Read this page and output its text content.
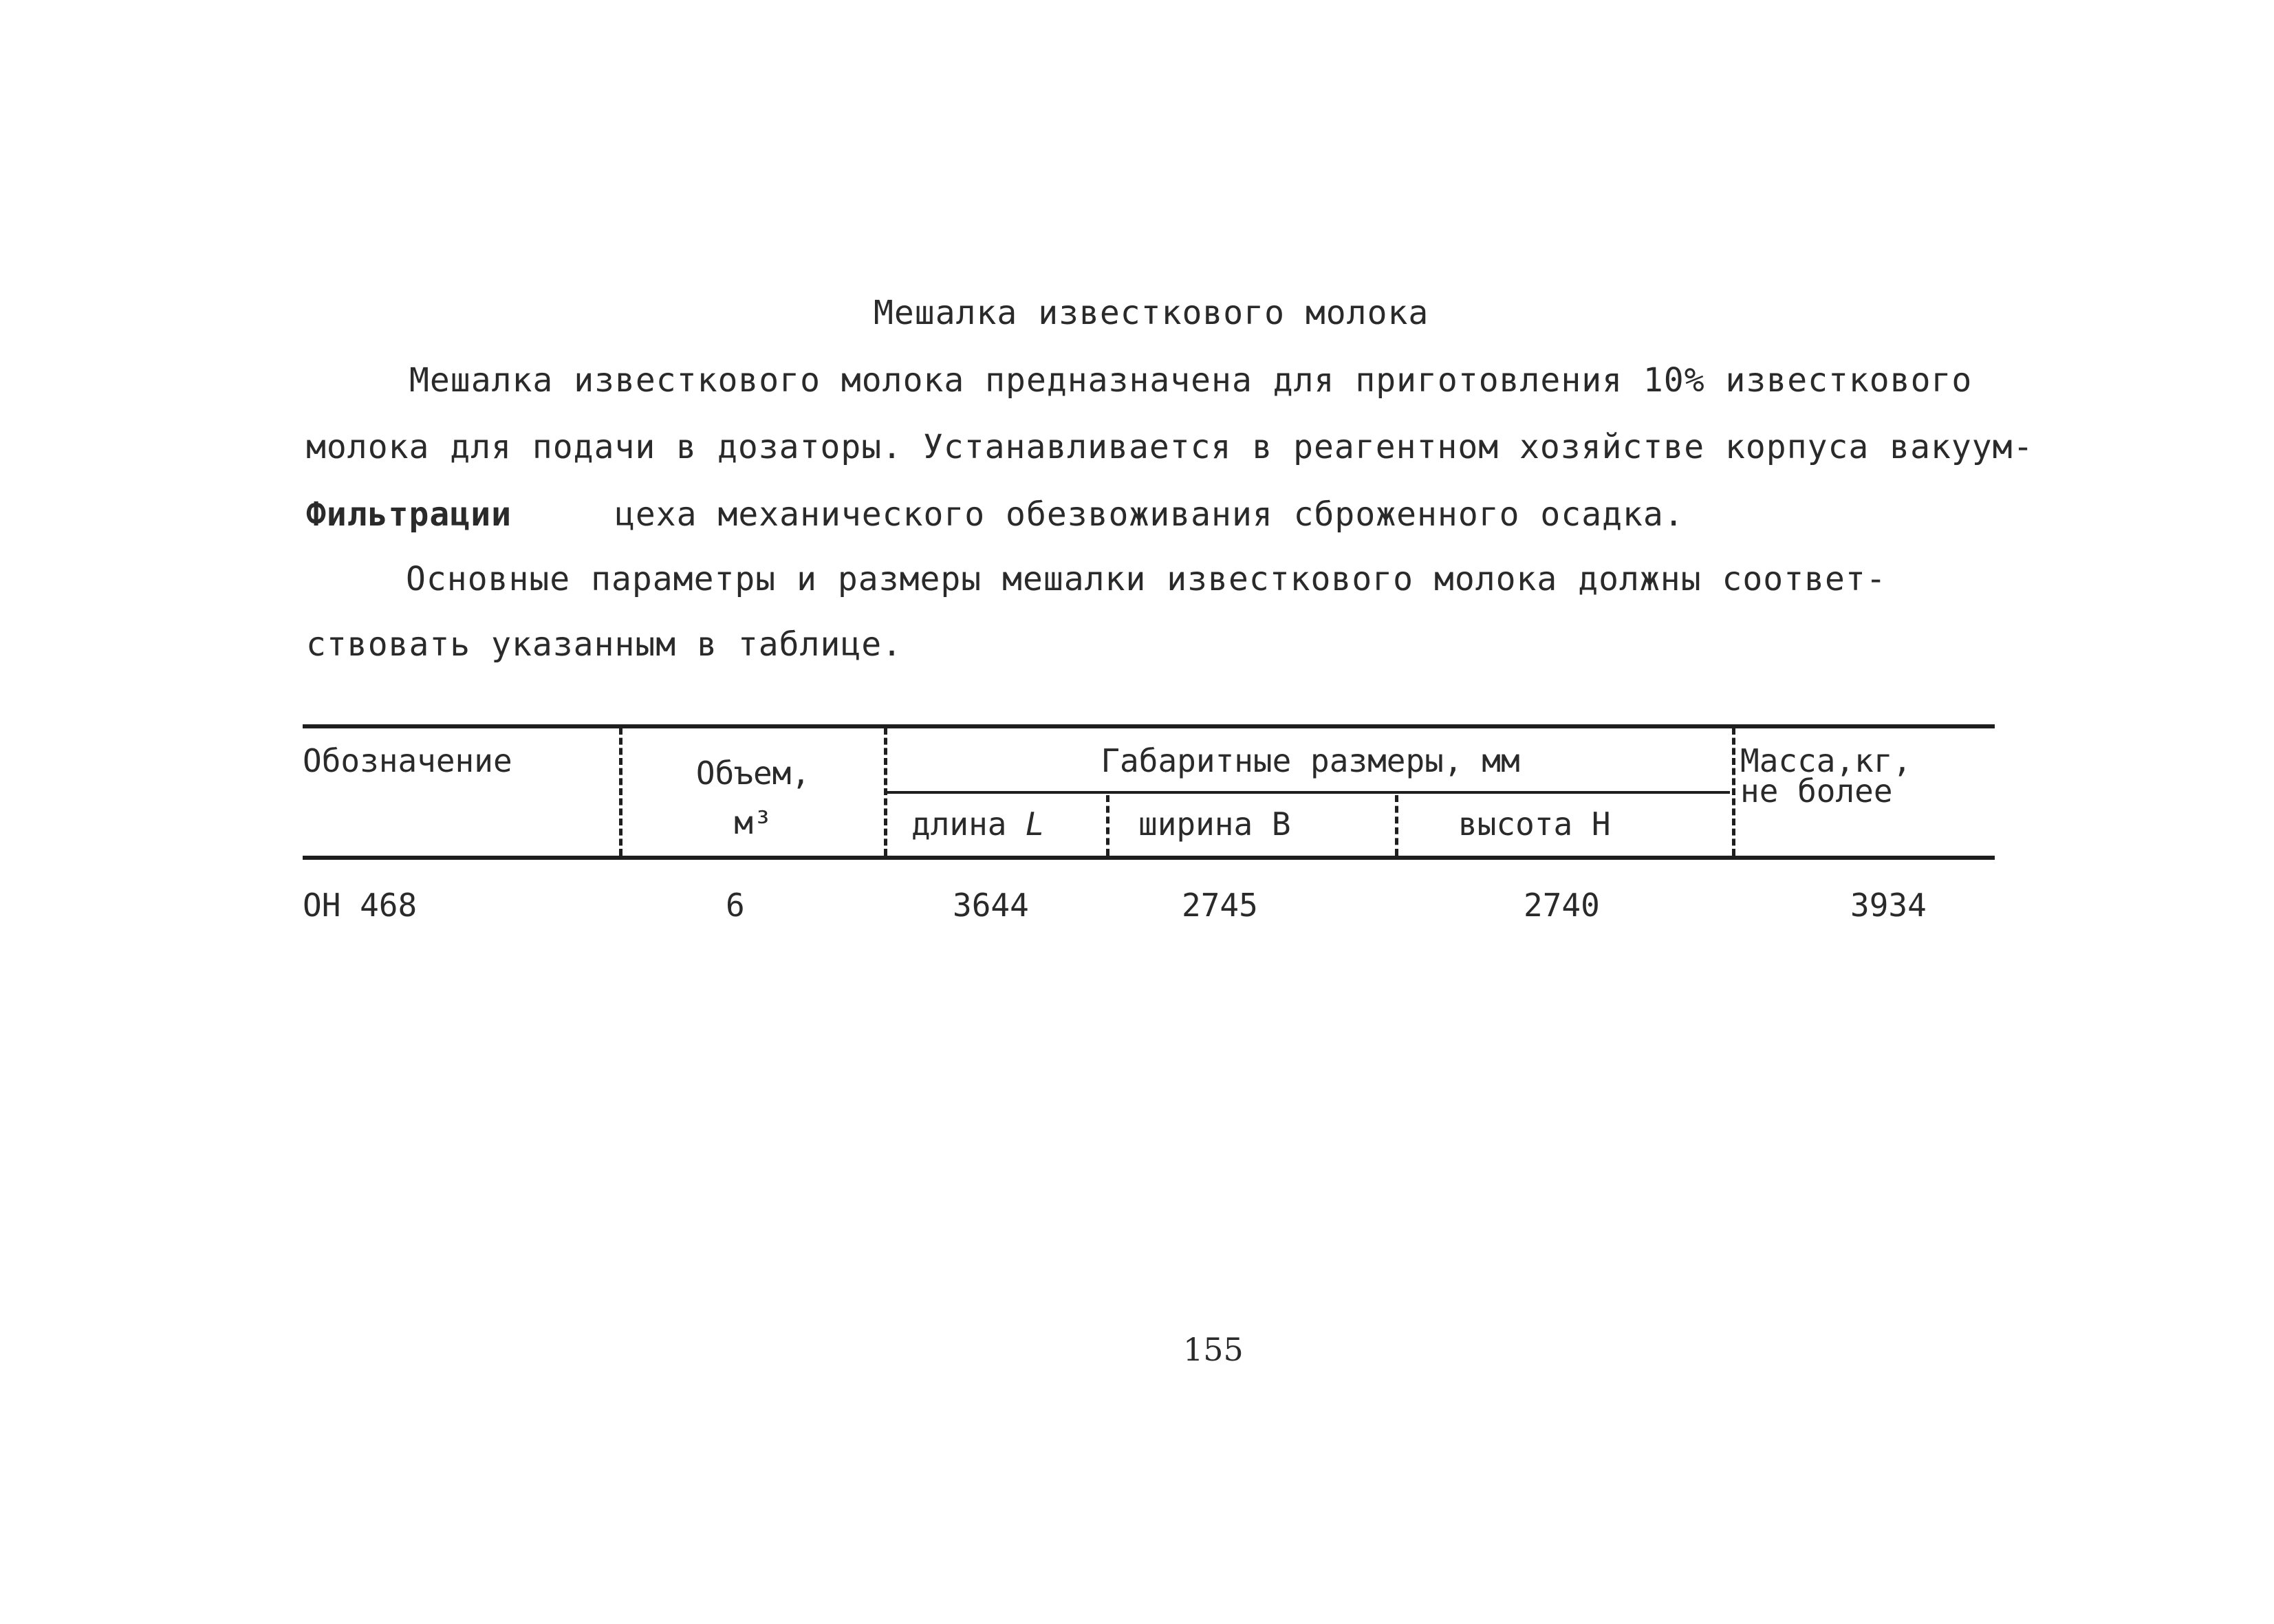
Мешалка известкового молока
Мешалка известкового молока предназначена для приготовления 10% известкового
молока для подачи в дозаторы. Устанавливается в реагентном хозяйстве корпуса вакуум-
Фильтрации	цеха механического обезвоживания сброженного осадка.
Основные параметры и размеры мешалки известкового молока должны соответ-
ствовать указанным в таблице.
Обозначение	Объем,
м³
Габаритные размеры, мм
длина L	ширина В	высота Н
Масса,кг,
не более
ОН 468	6	3644	2745	2740	3934
155
